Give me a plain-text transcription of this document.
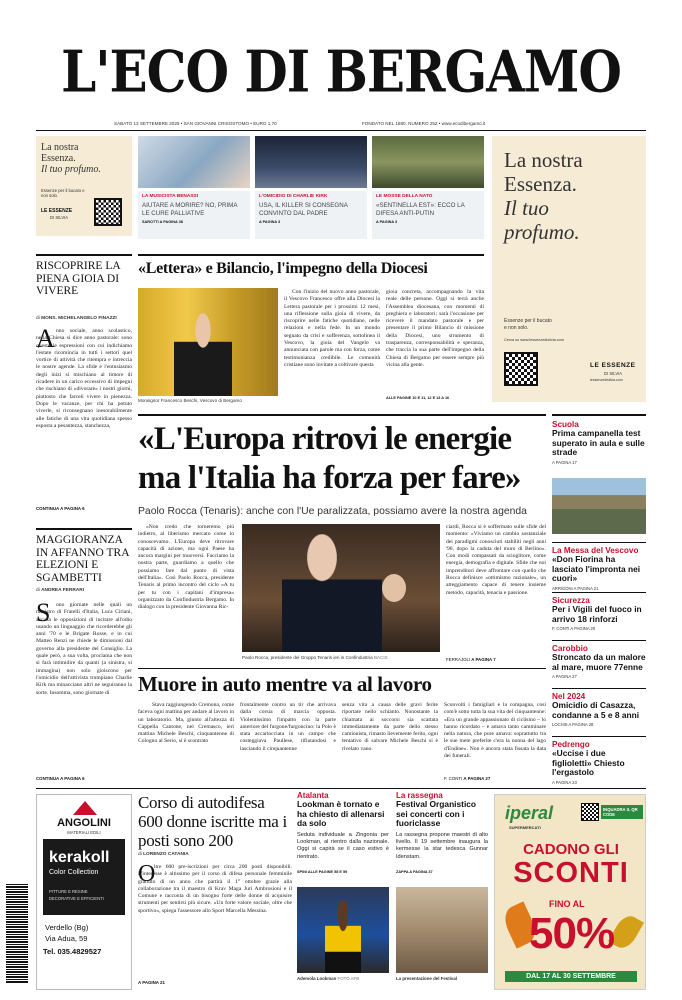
L'ECO DI BERGAMO
SABATO 13 SETTEMBRE 2025 • SAN GIOVANNI CRISOSTOMO • EURO 1,70	FONDATO NEL 1880. NUMERO 252 • www.ecodibergamo.it
La nostra
Essenza.
Il tuo profumo.
Essenze per il bucato e non solo.
LE ESSENZE
DI SILVIA
LA MUSICISTA BENASSI
AIUTARE A MORIRE? NO, PRIMA LE CURE PALLIATIVE
SAROTTI A PAGINA 38
L'OMICIDIO DI CHARLIE KIRK
USA, IL KILLER SI CONSEGNA CONVINTO DAL PADRE
A PAGINA 3
LE MOSSE DELLA NATO
«SENTINELLA EST»: ECCO LA DIFESA ANTI-PUTIN
A PAGINA 3
La nostra
Essenza.
Il tuo
profumo.
Essenze per il bucato
e non solo.
Cerca su www.lessenzedisilvia.com
LE ESSENZE
DI SILVIA
lessenzedisilvia.com
RISCOPRIRE LA PIENA GIOIA DI VIVERE
di MONS. MICHELANGELO FINAZZI
A nno sociale, anno scolastico, nella Chiesa si dice anno pastorale: sono queste le espressioni con cui indichiamo l'estate ricomincia in tutti i settori quel vortice di attività che ritempra e intreccia le nostre agende. La sfide e l'entusiasmo degli inizi si mischiano al timore di ricadere in un carico eccessivo di impegni che rischiano di «divorare» i nostri giorni, piuttosto che farceli vivere in pienezza. Dopo le vacanze, per chi ha potuto viverle, si riconsegnano inesorabilmente alle fatiche di una vita quotidiana spesso esposta a pesantezza, stanchezza,
CONTINUA A PAGINA 6
«Lettera» e Bilancio, l'impegno della Diocesi
Monsignor Francesco Beschi, Vescovo di Bergamo
Con l'inizio del nuovo anno pastorale, il Vescovo Francesco offre alla Diocesi la Lettera pastorale per i prossimi 12 mesi, una riflessione sulla gioia di vivere, da riscoprire nelle fatiche quotidiane, nelle relazioni e nella fede. In un mondo segnato da crisi e sofferenza, sottolinea il Vescovo, la gioia del Vangelo va annunciata con parole ma con forza, come testimonianza credibile. Le comunità cristiane sono invitate a coltivare questa
gioia concreta, accompagnando la vita reale delle persone. Oggi si terrà anche l'Assemblea diocesana, con momenti di preghiera e laboratori; sarà l'occasione per ricevere il mandato pastorale e per presentare il primo Bilancio di missione della Diocesi, uno strumento di trasparenza, corresponsabilità e speranza, che traccia la sua parte dell'impegno della Chiesa di Bergamo per essere sempre più vicina alla gente.
ALLE PAGINE 10 E 11, 12 E 13 A 16
«L'Europa ritrovi le energie
ma l'Italia ha forza per fare»
Paolo Rocca (Tenaris): anche con l'Ue paralizzata, possiamo avere la nostra agenda
«Non credo che torneremo più indietro, al liberismo mercato come lo conoscevamo. L'Europa deve ritrovare capacità di azione, ma ogni Paese ha ancora margini per muoversi. Facciamo la nostra parte, guardiamo a quello che possiamo fare dal punto di vista dell'Italia». Così Paolo Rocca, presidente Tenaris al primo incontro del ciclo «A tu per tu con i capitani d'impresa» organizzato da Confindustria Bergamo. In dialogo con la presidente Giovanna Ric-
Paolo Rocca, presidente del Gruppo Tenaris ieri in Confindustria BACIS
ciardi, Rocca si è soffermato sulle sfide del momento: «Viviamo un cambio sostanziale dei paradigmi conosciuti stabiliti negli anni '90, dopo la caduta del muro di Berlino». Con modi compassati da scioglitore, come energia, demografia e digitale. Sfide che noi imprenditori deve affrontare con quello che Rocca definisce «ottimismo razionale», un atteggiamento capace di tenere insieme metodo, capacità, tenacia e passione.
FERRAJOLI A PAGINA 7
Scuola
Prima campanella test superato in aula e sulle strade
A PAGINA 17
La Messa del Vescovo
«Don Fiorina ha lasciato l'impronta nei cuori»
ARRIGONI A PAGINA 21
Sicurezza
Per i Vigili del fuoco in arrivo 18 rinforzi
F. CONTI A PAGINA 20
Carobbio
Stroncato da un malore al mare, muore 77enne
A PAGINA 27
Nel 2024
Omicidio di Casazza, condanne a 5 e 8 anni
LOCHIS A PAGINA 28
Pedrengo
«Uccise i due figlioletti» Chiesto l'ergastolo
A PAGINA 23
MAGGIORANZA IN AFFANNO TRA ELEZIONI E SGAMBETTI
di ANDREA FERRARI
S ono giornate nelle quali un ministro di Fratelli d'Italia, Luca Ciriani, accusa le opposizioni di incitare all'odio usando un linguaggio che ricorderebbe gli anni '70 e le Brigate Rosse, e in cui Matteo Renzi ne chiede le dimissioni dal governo alla presidente del Consiglio. La quale però, a sua volta, proclama che non si farà intimidire da quanti (a sinistra, si immagina) non solo gioiscono per l'omicidio dell'attivista trumpiano Charlie Kirk ma minacciano altri ne seguiranno la sorte. Insomma, sono giornate di
CONTINUA A PAGINA 6
Muore in auto mentre va al lavoro
Stava raggiungendo Cremona, come faceva ogni mattina per andare al lavoro in un laboratorio. Ma, giunto all'altezza di Cappella Cantone, nel Cremasco, ieri mattina Michele Beschi, cinquantenne di Cologno al Serio, si è scontrato
frontalmente contro un tir che arrivava dalla corsia di marcia opposta. Violentissimo l'impatto con la parte anteriore del furgone/furgoncino: la Polo è stata accartocciata in un campo che costeggiava Paullese, rifiutandosi e lasciando il cinquantenne
senza vita a causa delle gravi ferite riportate nello schianto. Nonostante la chiamata ai soccorsi sia scattata immediatamente da parte dello stesso camionista, rimasto lievemente ferito, ogni tentativo di salvare Michele Beschi si è rivelato vano.
Sconvolti i famigliari e la compagna, così com'è sotto tutta la sua vita del cinquantenne: «Era un grande appassionato di ciclismo – lo hanno ricordato – e amava tanto camminare nella natura, che pure amava: soprattutto tra le sue mete preferite c'era la nonna del lago d'Endine». Non è ancora stata fissata la data dei funerali.
F. CONTI A PAGINA 27
ANGOLINI
MATERIALI EDILI
kerakoll
Color Collection
PITTURE E RESINE
DECORATIVE E EFFICIENTI
Verdello (Bg)
Via Adua, 59
Tel. 035.4829527
Corso di autodifesa 600 donne iscritte ma i posti sono 200
di LORENZO CATANIA
O
ltre 600 pre-iscrizioni per circa 200 posti disponibili. L'interesse è altissimo per il corso di difesa personale femminile gratuito di un anno che partirà il 1° ottobre grazie alla collaborazione tra il maestro di Krav Maga Juri Ambrosioni e il Comune e racconta di un bisogno forte delle donne di acquisire strumenti per sentirsi più sicure. «Un forte valore sociale, oltre che sportivo», spiega l'assessore allo Sport Marcella Messina.
A PAGINA 21
Atalanta
Lookman è tornato e ha chiesto di allenarsi da solo
Seduta individuale a Zingonia per Lookman, al rientro dalla nazionale. Oggi si capirà se il caso estivo è rientrato.
SPINI ALLE PAGINE 58 E 59
Ademola Lookman FOTO AFB
La rassegna
Festival Organistico sei concerti con i fuoriclasse
La rassegna propone maestri di alto livello. Il 19 settembre inaugura la kermesse la star tedesca Gunnar Idenstam.
ZAPPA A PAGINA 37
La presentazione del Festival
iperal
SUPERMERCATI
INQUADRA IL QR CODE
CADONO GLI
SCONTI
FINO AL
50%
DAL 17 AL 30 SETTEMBRE
